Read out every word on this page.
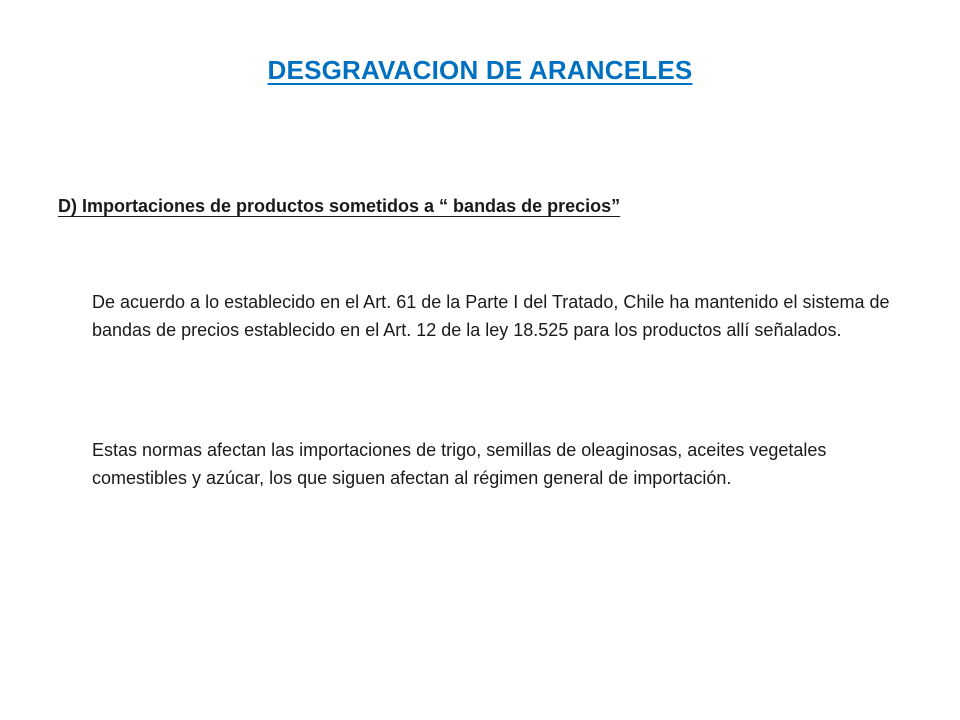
DESGRAVACION DE ARANCELES
D) Importaciones de productos sometidos a “ bandas de precios”
De acuerdo a lo establecido en el Art. 61 de la Parte I del Tratado, Chile ha mantenido el sistema de bandas de precios establecido en el Art. 12 de la ley 18.525 para los productos allí señalados.
Estas normas afectan las importaciones de trigo, semillas de oleaginosas, aceites vegetales comestibles y azúcar, los que siguen afectan al régimen general de importación.
